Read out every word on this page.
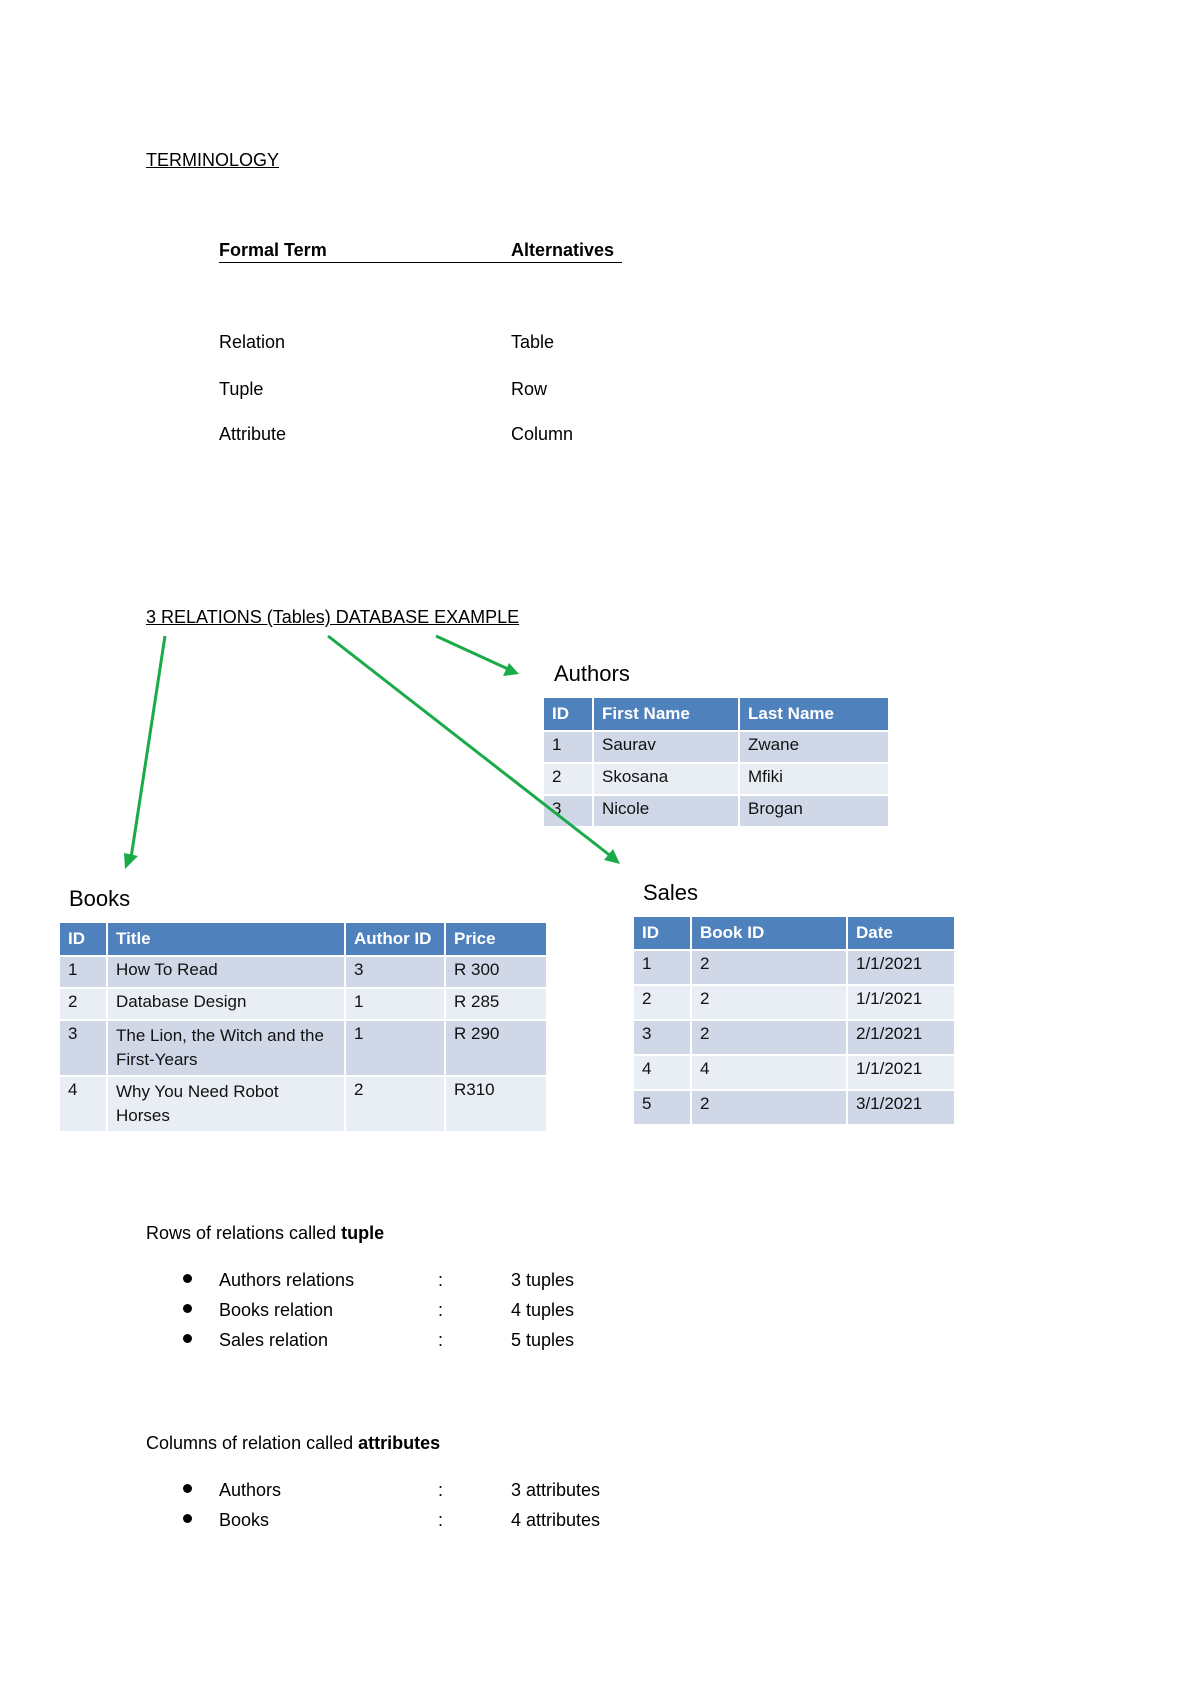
TERMINOLOGY
Formal Term	Alternatives
Relation	Table
Tuple	Row
Attribute	Column
3 RELATIONS (Tables) DATABASE EXAMPLE
Authors
ID	First Name	Last Name
1	Saurav	Zwane
2	Skosana	Mfiki
3	Nicole	Brogan
Books
ID	Title	Author ID	Price
1	How To Read	3	R 300
2	Database Design	1	R 285
3	The Lion, the Witch and the First-Years	1	R 290
4	Why You Need Robot Horses	2	R310
Sales
ID	Book ID	Date
1	2	1/1/2021
2	2	1/1/2021
3	2	2/1/2021
4	4	1/1/2021
5	2	3/1/2021
Rows of relations called tuple
Authors relations	:	3 tuples
Books relation	:	4 tuples
Sales relation	:	5 tuples
Columns of relation called attributes
Authors	:	3 attributes
Books	:	4 attributes
